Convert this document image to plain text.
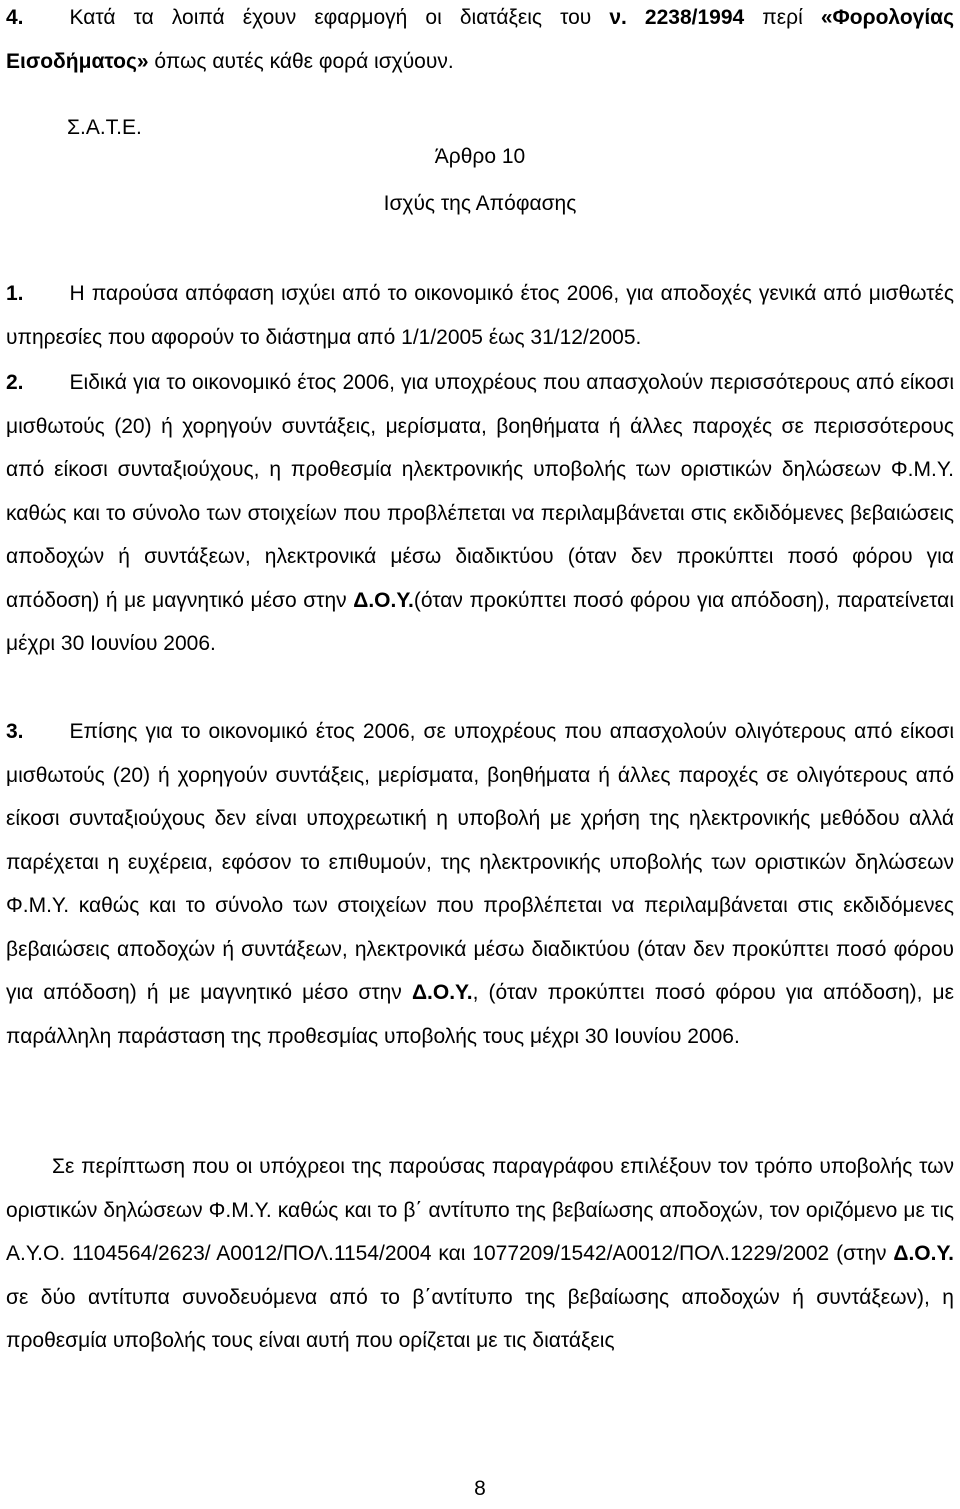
4. Κατά τα λοιπά έχουν εφαρμογή οι διατάξεις του ν. 2238/1994 περί «Φορολογίας Εισοδήματος» όπως αυτές κάθε φορά ισχύουν.

Σ.Α.Τ.Ε.

Άρθρο 10

Ισχύς της Απόφασης

1. Η παρούσα απόφαση ισχύει από το οικονομικό έτος 2006, για αποδοχές γενικά από μισθωτές υπηρεσίες που αφορούν το διάστημα από 1/1/2005 έως 31/12/2005.

2. Ειδικά για το οικονομικό έτος 2006, για υποχρέους που απασχολούν περισσότερους από είκοσι μισθωτούς (20) ή χορηγούν συντάξεις, μερίσματα, βοηθήματα ή άλλες παροχές σε περισσότερους από είκοσι συνταξιούχους, η προθεσμία ηλεκτρονικής υποβολής των οριστικών δηλώσεων Φ.Μ.Υ. καθώς και το σύνολο των στοιχείων που προβλέπεται να περιλαμβάνεται στις εκδιδόμενες βεβαιώσεις αποδοχών ή συντάξεων, ηλεκτρονικά μέσω διαδικτύου (όταν δεν προκύπτει ποσό φόρου για απόδοση) ή με μαγνητικό μέσο στην Δ.Ο.Υ.(όταν προκύπτει ποσό φόρου για απόδοση), παρατείνεται μέχρι 30 Ιουνίου 2006.

3. Επίσης για το οικονομικό έτος 2006, σε υποχρέους που απασχολούν ολιγότερους από είκοσι μισθωτούς (20) ή χορηγούν συντάξεις, μερίσματα, βοηθήματα ή άλλες παροχές σε ολιγότερους από είκοσι συνταξιούχους δεν είναι υποχρεωτική η υποβολή με χρήση της ηλεκτρονικής μεθόδου αλλά παρέχεται η ευχέρεια, εφόσον το επιθυμούν, της ηλεκτρονικής υποβολής των οριστικών δηλώσεων Φ.Μ.Υ. καθώς και το σύνολο των στοιχείων που προβλέπεται να περιλαμβάνεται στις εκδιδόμενες βεβαιώσεις αποδοχών ή συντάξεων, ηλεκτρονικά μέσω διαδικτύου (όταν δεν προκύπτει ποσό φόρου για απόδοση) ή με μαγνητικό μέσο στην Δ.Ο.Υ., (όταν προκύπτει ποσό φόρου για απόδοση), με παράλληλη παράσταση της προθεσμίας υποβολής τους μέχρι 30 Ιουνίου 2006.

Σε περίπτωση που οι υπόχρεοι της παρούσας παραγράφου επιλέξουν τον τρόπο υποβολής των οριστικών δηλώσεων Φ.Μ.Υ. καθώς και το β΄ αντίτυπο της βεβαίωσης αποδοχών, τον οριζόμενο με τις Α.Υ.Ο. 1104564/2623/ Α0012/ΠΟΛ.1154/2004 και 1077209/1542/Α0012/ΠΟΛ.1229/2002 (στην Δ.Ο.Υ. σε δύο αντίτυπα συνοδευόμενα από το β΄αντίτυπο της βεβαίωσης αποδοχών ή συντάξεων), η προθεσμία υποβολής τους είναι αυτή που ορίζεται με τις διατάξεις

8
